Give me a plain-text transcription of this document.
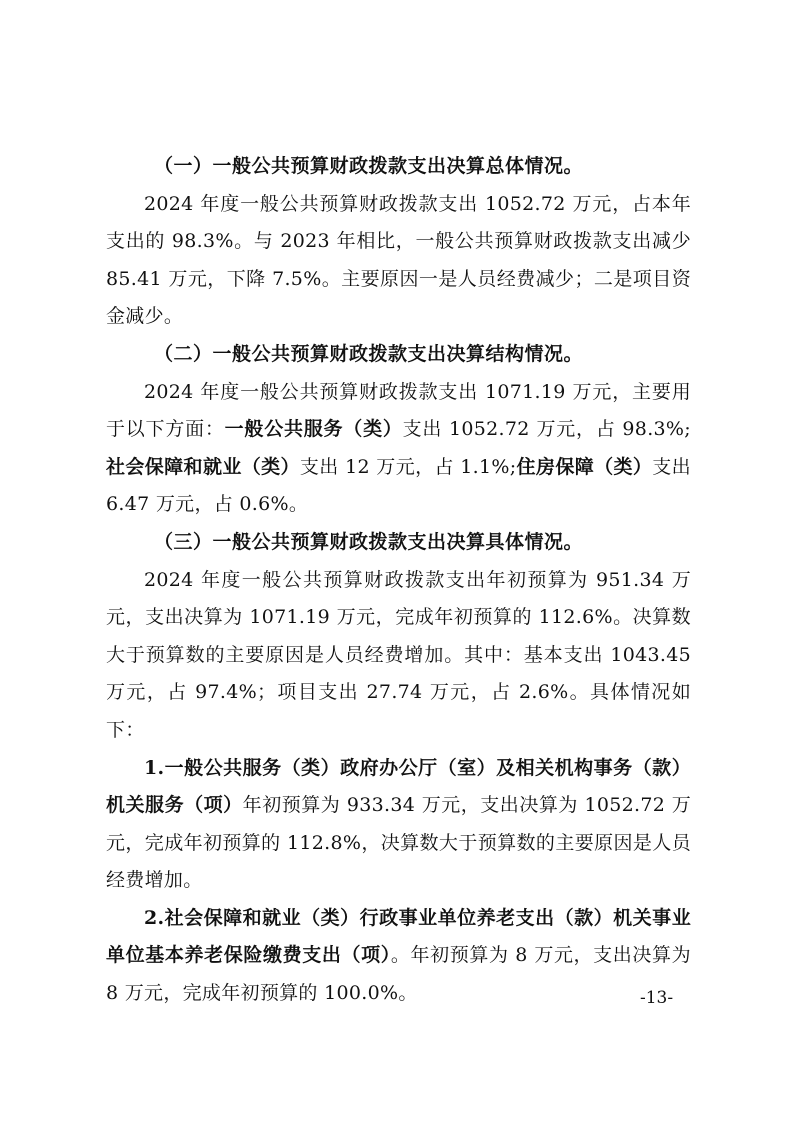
（一）一般公共预算财政拨款支出决算总体情况。

2024 年度一般公共预算财政拨款支出 1052.72 万元，占本年支出的 98.3%。与 2023 年相比，一般公共预算财政拨款支出减少 85.41 万元，下降 7.5%。主要原因一是人员经费减少；二是项目资金减少。

（二）一般公共预算财政拨款支出决算结构情况。

2024 年度一般公共预算财政拨款支出 1071.19 万元，主要用于以下方面：一般公共服务（类）支出 1052.72 万元，占 98.3%;社会保障和就业（类）支出 12 万元，占 1.1%;住房保障（类）支出 6.47 万元，占 0.6%。

（三）一般公共预算财政拨款支出决算具体情况。

2024 年度一般公共预算财政拨款支出年初预算为 951.34 万元，支出决算为 1071.19 万元，完成年初预算的 112.6%。决算数大于预算数的主要原因是人员经费增加。其中：基本支出 1043.45 万元，占 97.4%；项目支出 27.74 万元，占 2.6%。具体情况如下：

1.一般公共服务（类）政府办公厅（室）及相关机构事务（款）机关服务（项）年初预算为 933.34 万元，支出决算为 1052.72 万元，完成年初预算的 112.8%，决算数大于预算数的主要原因是人员经费增加。

2.社会保障和就业（类）行政事业单位养老支出（款）机关事业单位基本养老保险缴费支出（项）。年初预算为 8 万元，支出决算为 8 万元，完成年初预算的 100.0%。	-13-
